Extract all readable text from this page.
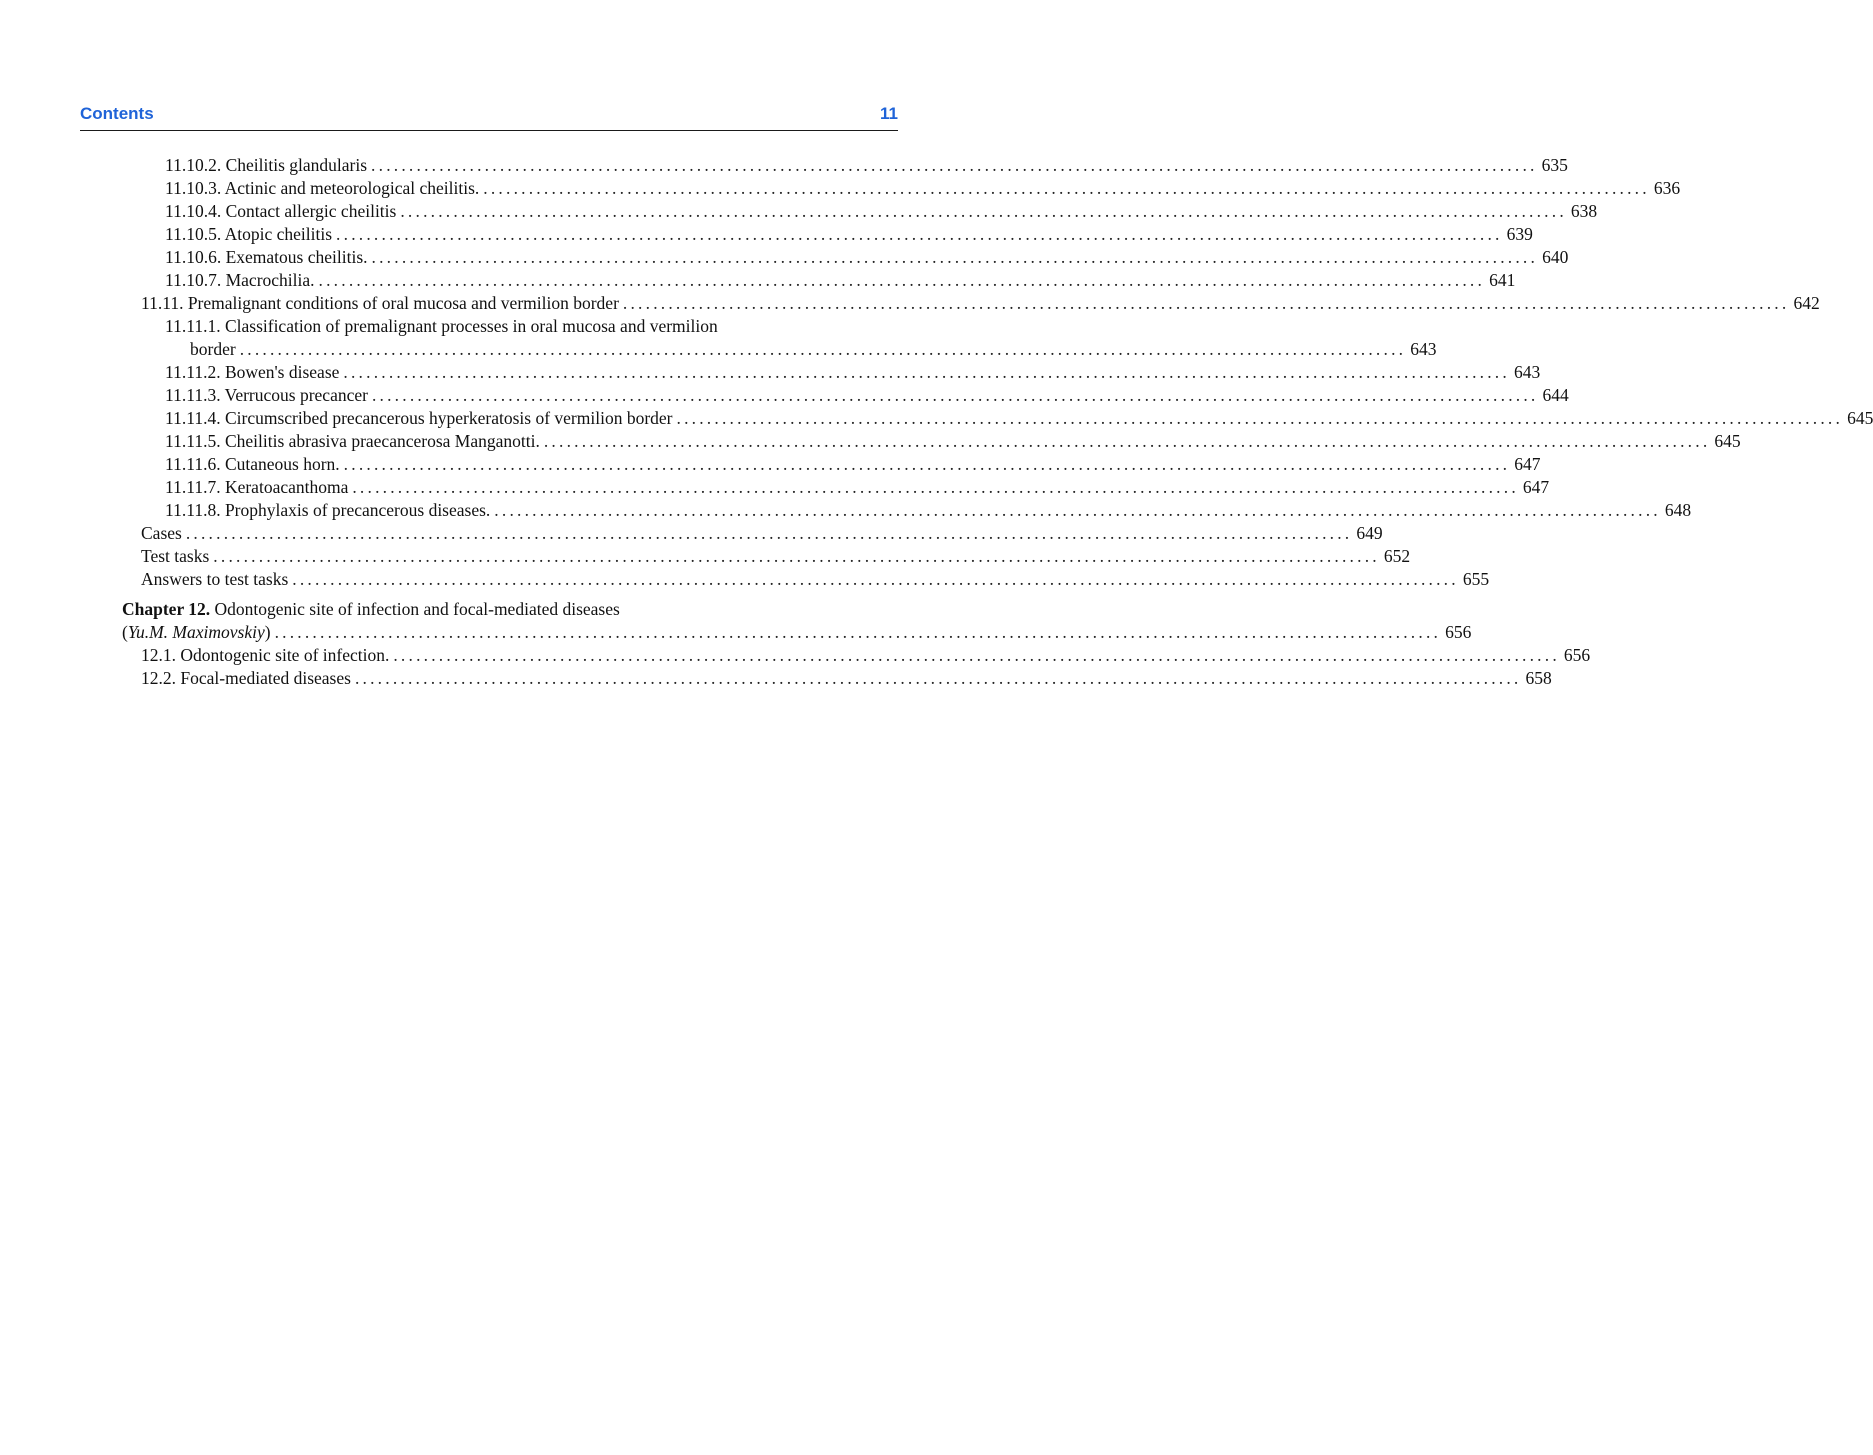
Contents	11
11.10.2. Cheilitis glandularis .......................................................................................................................................................... 635
11.10.3. Actinic and meteorological cheilitis. .......................................................................................................................................................... 636
11.10.4. Contact allergic cheilitis .......................................................................................................................................................... 638
11.10.5. Atopic cheilitis .......................................................................................................................................................... 639
11.10.6. Exematous cheilitis. .......................................................................................................................................................... 640
11.10.7. Macrochilia. .......................................................................................................................................................... 641
11.11. Premalignant conditions of oral mucosa and vermilion border .......................................................................................................................................................... 642
11.11.1. Classification of premalignant processes in oral mucosa and vermilion
border .......................................................................................................................................................... 643
11.11.2. Bowen's disease .......................................................................................................................................................... 643
11.11.3. Verrucous precancer .......................................................................................................................................................... 644
11.11.4. Circumscribed precancerous hyperkeratosis of vermilion border .......................................................................................................................................................... 645
11.11.5. Cheilitis abrasiva praecancerosa Manganotti. .......................................................................................................................................................... 645
11.11.6. Cutaneous horn. .......................................................................................................................................................... 647
11.11.7. Keratoacanthoma .......................................................................................................................................................... 647
11.11.8. Prophylaxis of precancerous diseases. .......................................................................................................................................................... 648
Cases .......................................................................................................................................................... 649
Test tasks .......................................................................................................................................................... 652
Answers to test tasks .......................................................................................................................................................... 655
Chapter 12. Odontogenic site of infection and focal-mediated diseases
(Yu.M. Maximovskiy) .......................................................................................................................................................... 656
12.1. Odontogenic site of infection. .......................................................................................................................................................... 656
12.2. Focal-mediated diseases .......................................................................................................................................................... 658
